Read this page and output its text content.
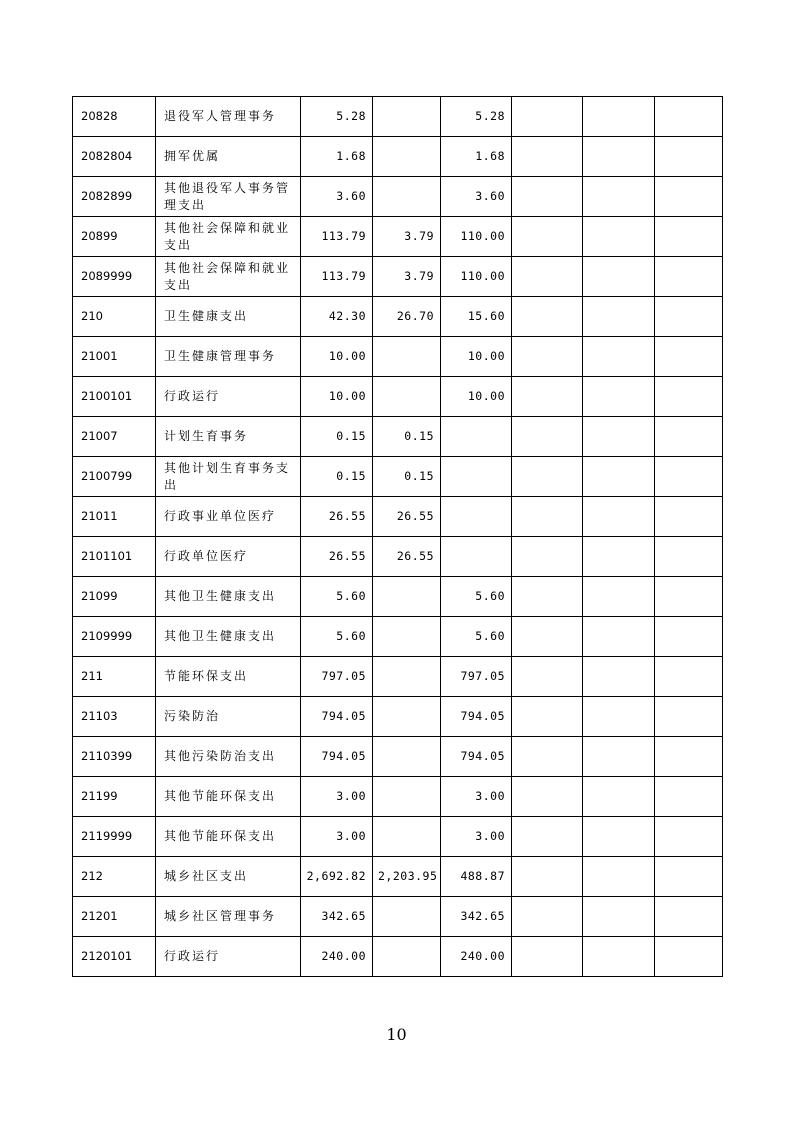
20828	退役军人管理事务	5.28		5.28			
2082804	拥军优属	1.68		1.68			
2082899	其他退役军人事务管理支出	3.60		3.60			
20899	其他社会保障和就业支出	113.79	3.79	110.00			
2089999	其他社会保障和就业支出	113.79	3.79	110.00			
210	卫生健康支出	42.30	26.70	15.60			
21001	卫生健康管理事务	10.00		10.00			
2100101	行政运行	10.00		10.00			
21007	计划生育事务	0.15	0.15				
2100799	其他计划生育事务支出	0.15	0.15				
21011	行政事业单位医疗	26.55	26.55				
2101101	行政单位医疗	26.55	26.55				
21099	其他卫生健康支出	5.60		5.60			
2109999	其他卫生健康支出	5.60		5.60			
211	节能环保支出	797.05		797.05			
21103	污染防治	794.05		794.05			
2110399	其他污染防治支出	794.05		794.05			
21199	其他节能环保支出	3.00		3.00			
2119999	其他节能环保支出	3.00		3.00			
212	城乡社区支出	2,692.82	2,203.95	488.87			
21201	城乡社区管理事务	342.65		342.65			
2120101	行政运行	240.00		240.00			
10
